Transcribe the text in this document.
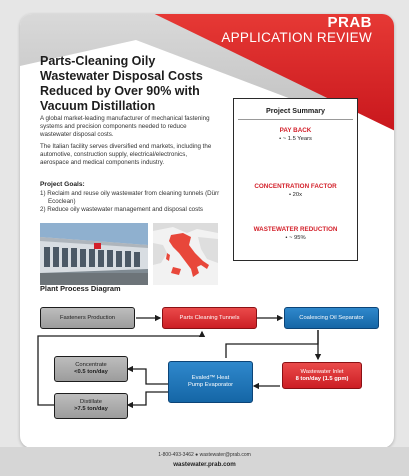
PRAB
APPLICATION REVIEW
Parts-Cleaning Oily Wastewater Disposal Costs Reduced by Over 90% with Vacuum Distillation
A global market-leading manufacturer of mechanical fastening systems and precision components needed to reduce wastewater disposal costs.
The Italian facility serves diversified end markets, including the automotive, construction supply, electrical/electronics, aerospace and medical components industry.
Project Goals:
1) Reclaim and reuse oily wastewater from cleaning tunnels (Dürr Ecoclean)
2) Reduce oily wastewater management and disposal costs
Project Summary
PAY BACK
• ~ 1.5 Years
CONCENTRATION FACTOR
• 20x
WASTEWATER REDUCTION
• ~ 95%
Plant Process Diagram
Fasteners Production	Parts Cleaning Tunnels	Coalescing Oil Separator
Wastewater Inlet
8 ton/day (1.5 gpm)
Evaled™ Heat
Pump Evaporator
Concentrate
<0.5 ton/day
Distillate
>7.5 ton/day
1-800-493-3462 ● wastewater@prab.com
wastewater.prab.com
